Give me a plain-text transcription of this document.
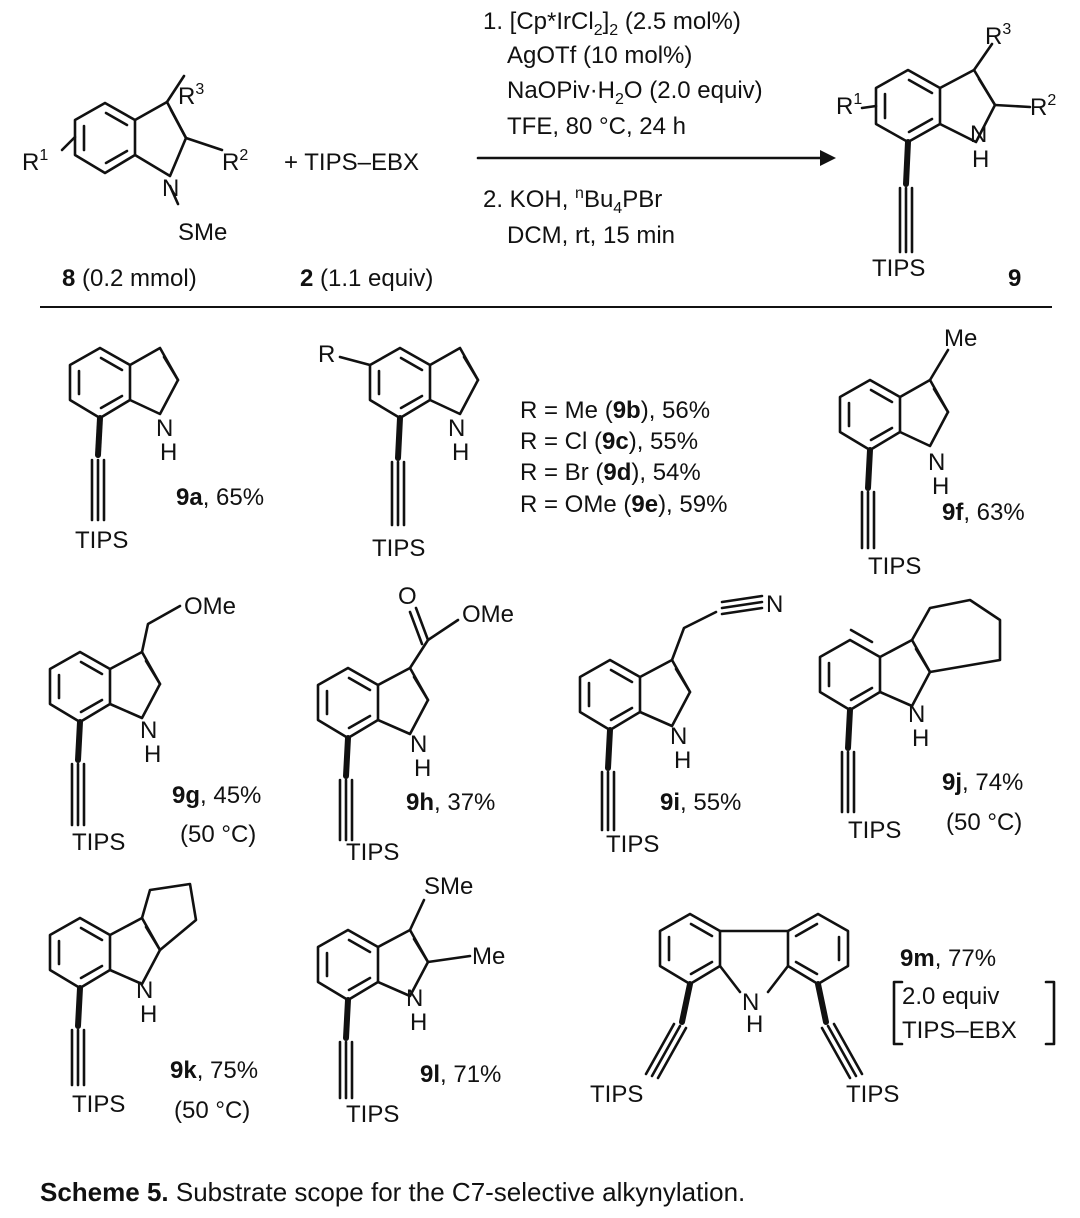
$R^3$
$R^2$
$R^1$
N
SMe
8 (0.2 mmol)
+ TIPS–EBX
2 (1.1 equiv)
1. $[Cp*IrCl_2]_2$ (2.5 mol%)
AgOTf (10 mol%)
$NaOPiv\cdot H_2O$ (2.0 equiv)
TFE, 80 °C, 24 h
2. KOH, $^nBu_4PBr$
DCM, rt, 15 min
$R^3$
$R^2$
$R^1$
N
H
TIPS	9
N
H
TIPS
9a, 65%
R
N
H
TIPS
R = Me (9b), 56%
R = Cl (9c), 55%
R = Br (9d), 54%
R = OMe (9e), 59%
Me
N
H
TIPS
9f, 63%
OMe
N
H
TIPS
9g, 45%
(50 °C)
O
OMe
N
H
TIPS
9h, 37%
N
N
H
TIPS
9i, 55%
N
H
TIPS
9j, 74%
(50 °C)
N
H
TIPS
9k, 75%
(50 °C)
SMe
Me
N
H
TIPS
9l, 71%
N
H
TIPS	TIPS
9m, 77%
2.0 equiv
TIPS–EBX
Scheme 5. Substrate scope for the C7-selective alkynylation.
